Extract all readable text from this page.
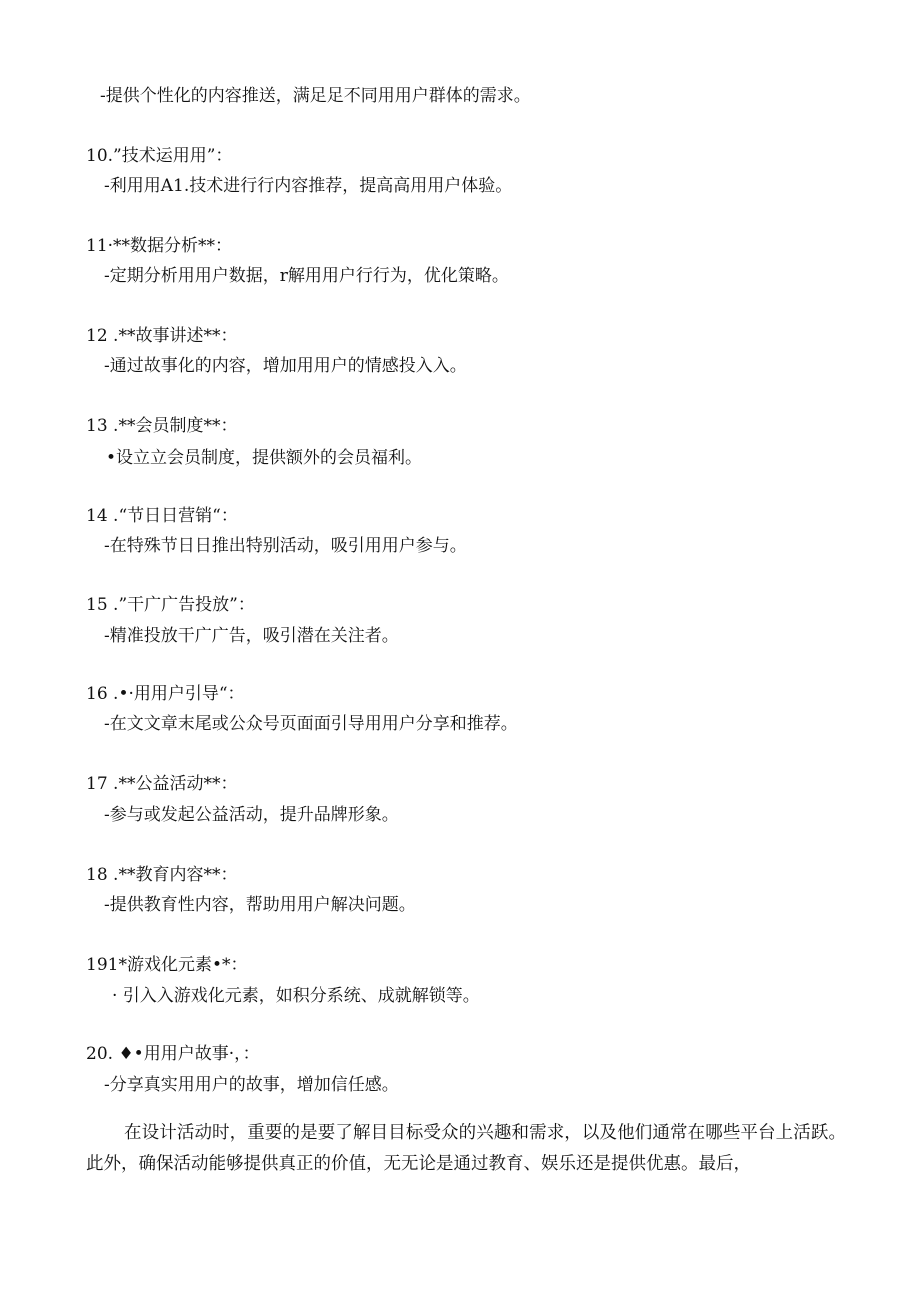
-提供个性化的内容推送，满足足不同用用户群体的需求。
10.”技术运用用”：
-利用用A1.技术进行行内容推荐，提高高用用户体验。
11·**数据分析**：
-定期分析用用户数据，r解用用户行行为，优化策略。
12 .**故事讲述**：
-通过故事化的内容，增加用用户的情感投入入。
13 .**会员制度**：
•设立立会员制度，提供额外的会员福利。
14 .“节日日营销“：
-在特殊节日日推出特别活动，吸引用用户参与。
15 .”干广广告投放”：
-精准投放干广广告，吸引潜在关注者。
16 .•·用用户引导“：
-在文文章末尾或公众号页面面引导用用户分享和推荐。
17 .**公益活动**：
-参与或发起公益活动，提升品牌形象。
18 .**教育内容**：
-提供教育性内容，帮助用用户解决问题。
191*游戏化元素•*：
· 引入入游戏化元素，如积分系统、成就解锁等。
20. ♦•用用户故事·，：
-分享真实用用户的故事，增加信任感。

在设计活动时，重要的是要了解目目标受众的兴趣和需求，以及他们通常在哪些平台上活跃。此外，确保活动能够提供真正的价值，无无论是通过教育、娱乐还是提供优惠。最后，
